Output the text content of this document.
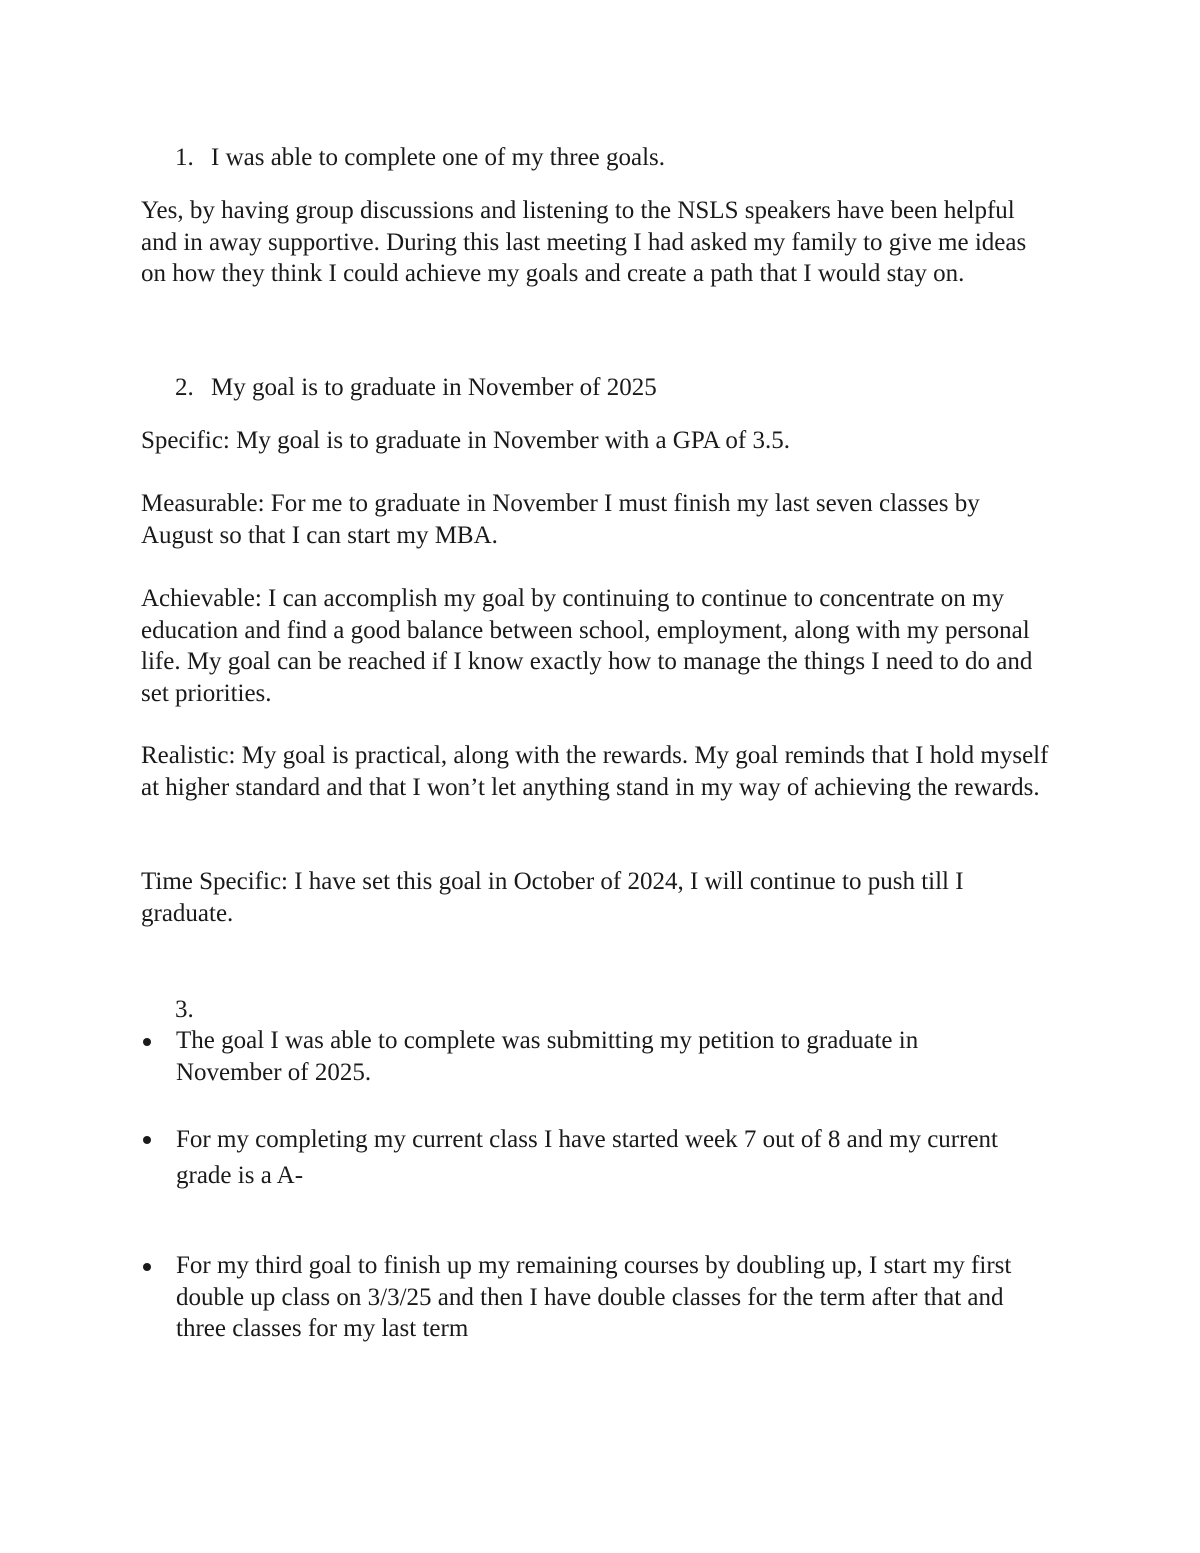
1. I was able to complete one of my three goals.

Yes, by having group discussions and listening to the NSLS speakers have been helpful and in away supportive. During this last meeting I had asked my family to give me ideas on how they think I could achieve my goals and create a path that I would stay on.

2. My goal is to graduate in November of 2025

Specific: My goal is to graduate in November with a GPA of 3.5.

Measurable: For me to graduate in November I must finish my last seven classes by August so that I can start my MBA.

Achievable: I can accomplish my goal by continuing to continue to concentrate on my education and find a good balance between school, employment, along with my personal life. My goal can be reached if I know exactly how to manage the things I need to do and set priorities.

Realistic: My goal is practical, along with the rewards. My goal reminds that I hold myself at higher standard and that I won’t let anything stand in my way of achieving the rewards.

Time Specific: I have set this goal in October of 2024, I will continue to push till I graduate.

3.
The goal I was able to complete was submitting my petition to graduate in November of 2025.
For my completing my current class I have started week 7 out of 8 and my current grade is a A-
For my third goal to finish up my remaining courses by doubling up, I start my first double up class on 3/3/25 and then I have double classes for the term after that and three classes for my last term
